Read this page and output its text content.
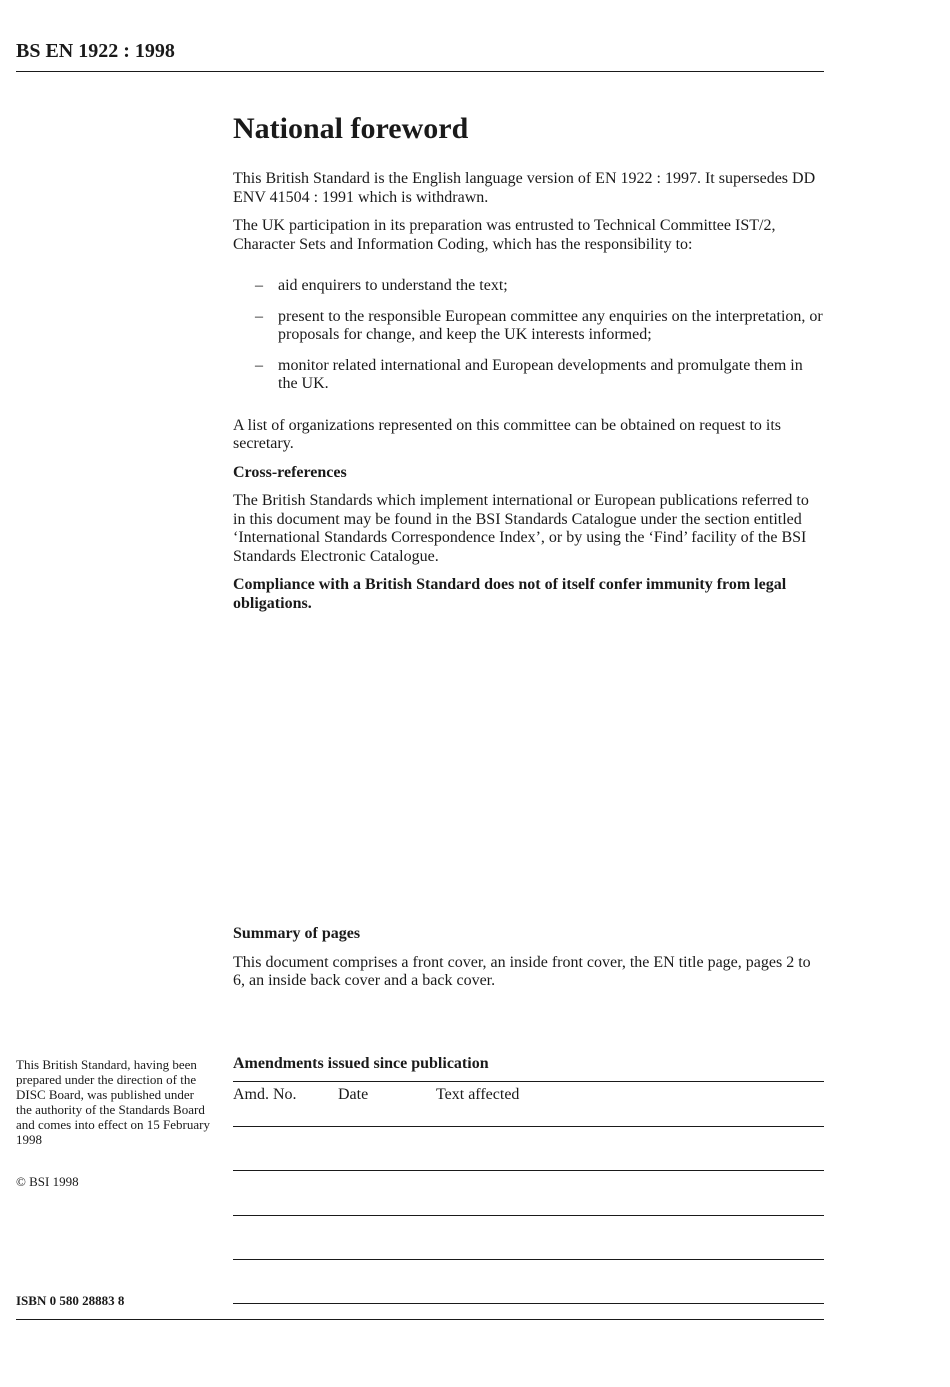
BS EN 1922 : 1998
National foreword

This British Standard is the English language version of EN 1922 : 1997. It supersedes DD ENV 41504 : 1991 which is withdrawn.

The UK participation in its preparation was entrusted to Technical Committee IST/2, Character Sets and Information Coding, which has the responsibility to:

– aid enquirers to understand the text;
– present to the responsible European committee any enquiries on the interpretation, or proposals for change, and keep the UK interests informed;
– monitor related international and European developments and promulgate them in the UK.

A list of organizations represented on this committee can be obtained on request to its secretary.

Cross-references

The British Standards which implement international or European publications referred to in this document may be found in the BSI Standards Catalogue under the section entitled ‘International Standards Correspondence Index’, or by using the ‘Find’ facility of the BSI Standards Electronic Catalogue.

Compliance with a British Standard does not of itself confer immunity from legal obligations.

Summary of pages

This document comprises a front cover, an inside front cover, the EN title page, pages 2 to 6, an inside back cover and a back cover.

This British Standard, having been prepared under the direction of the DISC Board, was published under the authority of the Standards Board and comes into effect on 15 February 1998
© BSI 1998
ISBN 0 580 28883 8
Amendments issued since publication
Amd. No.	Date	Text affected
